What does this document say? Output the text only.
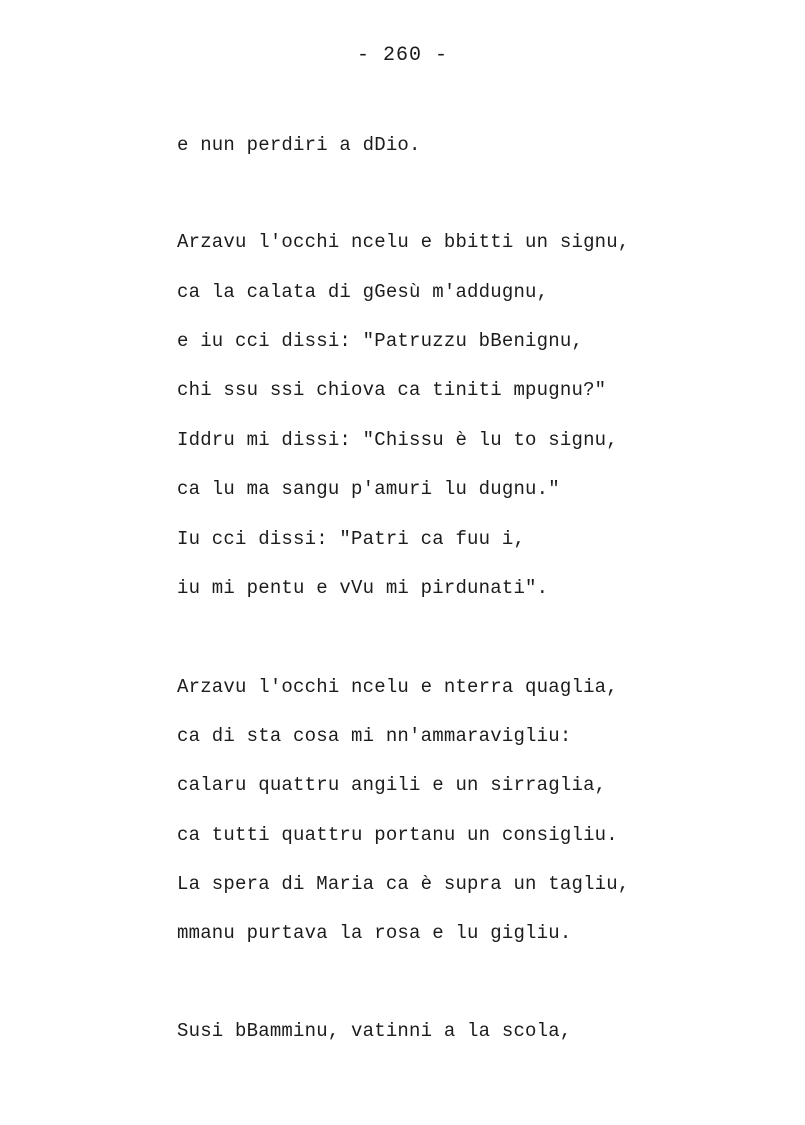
- 260 -
e nun perdiri a dDio.
Arzavu l'occhi ncelu e bbitti un signu,
ca la calata di gGesù m'addugnu,
e iu cci dissi: "Patruzzu bBenignu,
chi ssu ssi chiova ca tiniti mpugnu?"
Iddru mi dissi: "Chissu è lu to signu,
ca lu ma sangu p'amuri lu dugnu."
Iu cci dissi: "Patri ca fuu i,
iu mi pentu e vVu mi pirdunati".
Arzavu l'occhi ncelu e nterra quaglia,
ca di sta cosa mi nn'ammaravigliu:
calaru quattru angili e un sirraglia,
ca tutti quattru portanu un consigliu.
La spera di Maria ca è supra un tagliu,
mmanu purtava la rosa e lu gigliu.
Susi bBamminu, vatinni a la scola,
